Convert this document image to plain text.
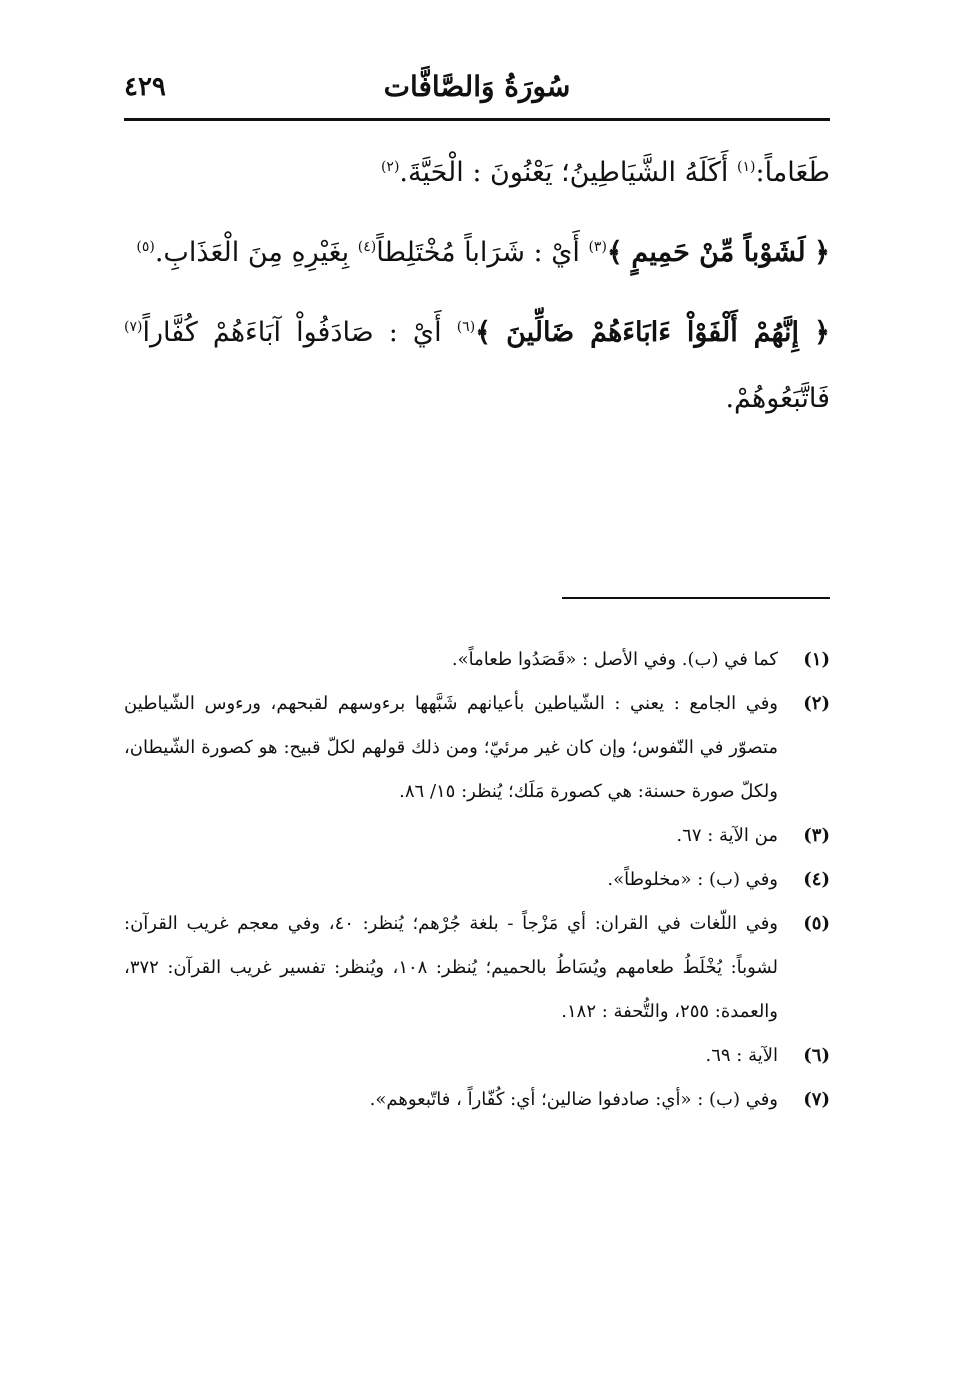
٤٢٩	سُورَةُ وَالصَّافَّات

طَعَاماً:$^{(١)}$ أَكَلَهُ الشَّيَاطِينُ؛ يَعْنُونَ : الْحَيَّةَ.$^{(٢)}$

﴿ لَشَوْباً مِّنْ حَمِيمٍ ﴾$^{(٣)}$ أَيْ : شَرَاباً مُخْتَلِطاً$^{(٤)}$ بِغَيْرِهِ مِنَ الْعَذَابِ.$^{(٥)}$

﴿ إِنَّهُمْ أَلْفَوْاْ ءَابَاءَهُمْ ضَالِّينَ ﴾$^{(٦)}$ أَيْ : صَادَفُواْ آبَاءَهُمْ كُفَّاراً$^{(٧)}$ فَاتَّبَعُوهُمْ.

(١)
كما في (ب). وفي الأصل : «قَصَدُوا طعاماً».
(٢)
وفي الجامع : يعني : الشّياطين بأعيانهم شَبَّهها برءوسهم لقبحهم، ورءوس الشّياطين متصوّر في النّفوس؛ وإن كان غير مرئيّ؛ ومن ذلك قولهم لكلّ قبيح: هو كصورة الشّيطان، ولكلّ صورة حسنة: هي كصورة مَلَك؛ يُنظر: ١٥/ ٨٦.
(٣)
من الآية : ٦٧.
(٤)
وفي (ب) : «مخلوطاً».
(٥)
وفي اللّغات في القران: أي مَزْجاً - بلغة جُرْهم؛ يُنظر: ٤٠، وفي معجم غريب القرآن: لشوباً: يُخْلَطُ طعامهم ويُسَاطُ بالحميم؛ يُنظر: ١٠٨، ويُنظر: تفسير غريب القرآن: ٣٧٢، والعمدة: ٢٥٥، والتُّحفة : ١٨٢.
(٦)
الآية : ٦٩.
(٧)
وفي (ب) : «أي: صادفوا ضالين؛ أي: كُفّاراً ، فاتّبعوهم».
